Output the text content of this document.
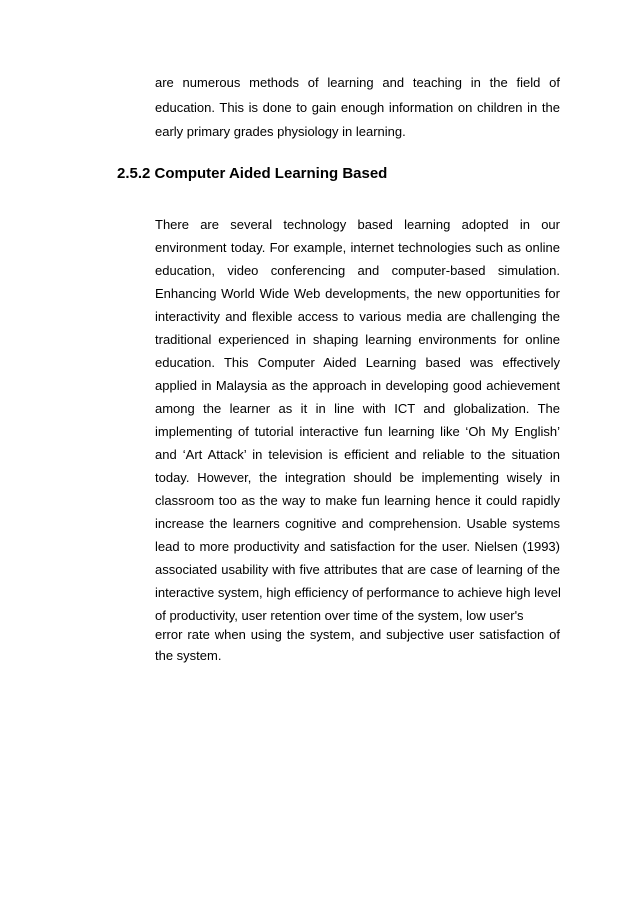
are numerous methods of learning and teaching in the field of
education. This is done to gain enough information on children in the
early primary grades physiology in learning.
2.5.2 Computer Aided Learning Based
There are several technology based learning adopted in our
environment today. For example, internet technologies such as online
education, video conferencing and computer-based simulation.
Enhancing World Wide Web developments, the new opportunities for
interactivity and flexible access to various media are challenging the
traditional experienced in shaping learning environments for online
education. This Computer Aided Learning based was effectively
applied in Malaysia as the approach in developing good achievement
among the learner as it in line with ICT and globalization. The
implementing of tutorial interactive fun learning like ‘Oh My English’
and ‘Art Attack’ in television is efficient and reliable to the situation
today. However, the integration should be implementing wisely in
classroom too as the way to make fun learning hence it could rapidly
increase the learners cognitive and comprehension. Usable systems
lead to more productivity and satisfaction for the user. Nielsen (1993)
associated usability with five attributes that are case of learning of the
interactive system, high efficiency of performance to achieve high level
of productivity, user retention over time of the system, low user's
error rate when using the system, and subjective user satisfaction of
the system.
